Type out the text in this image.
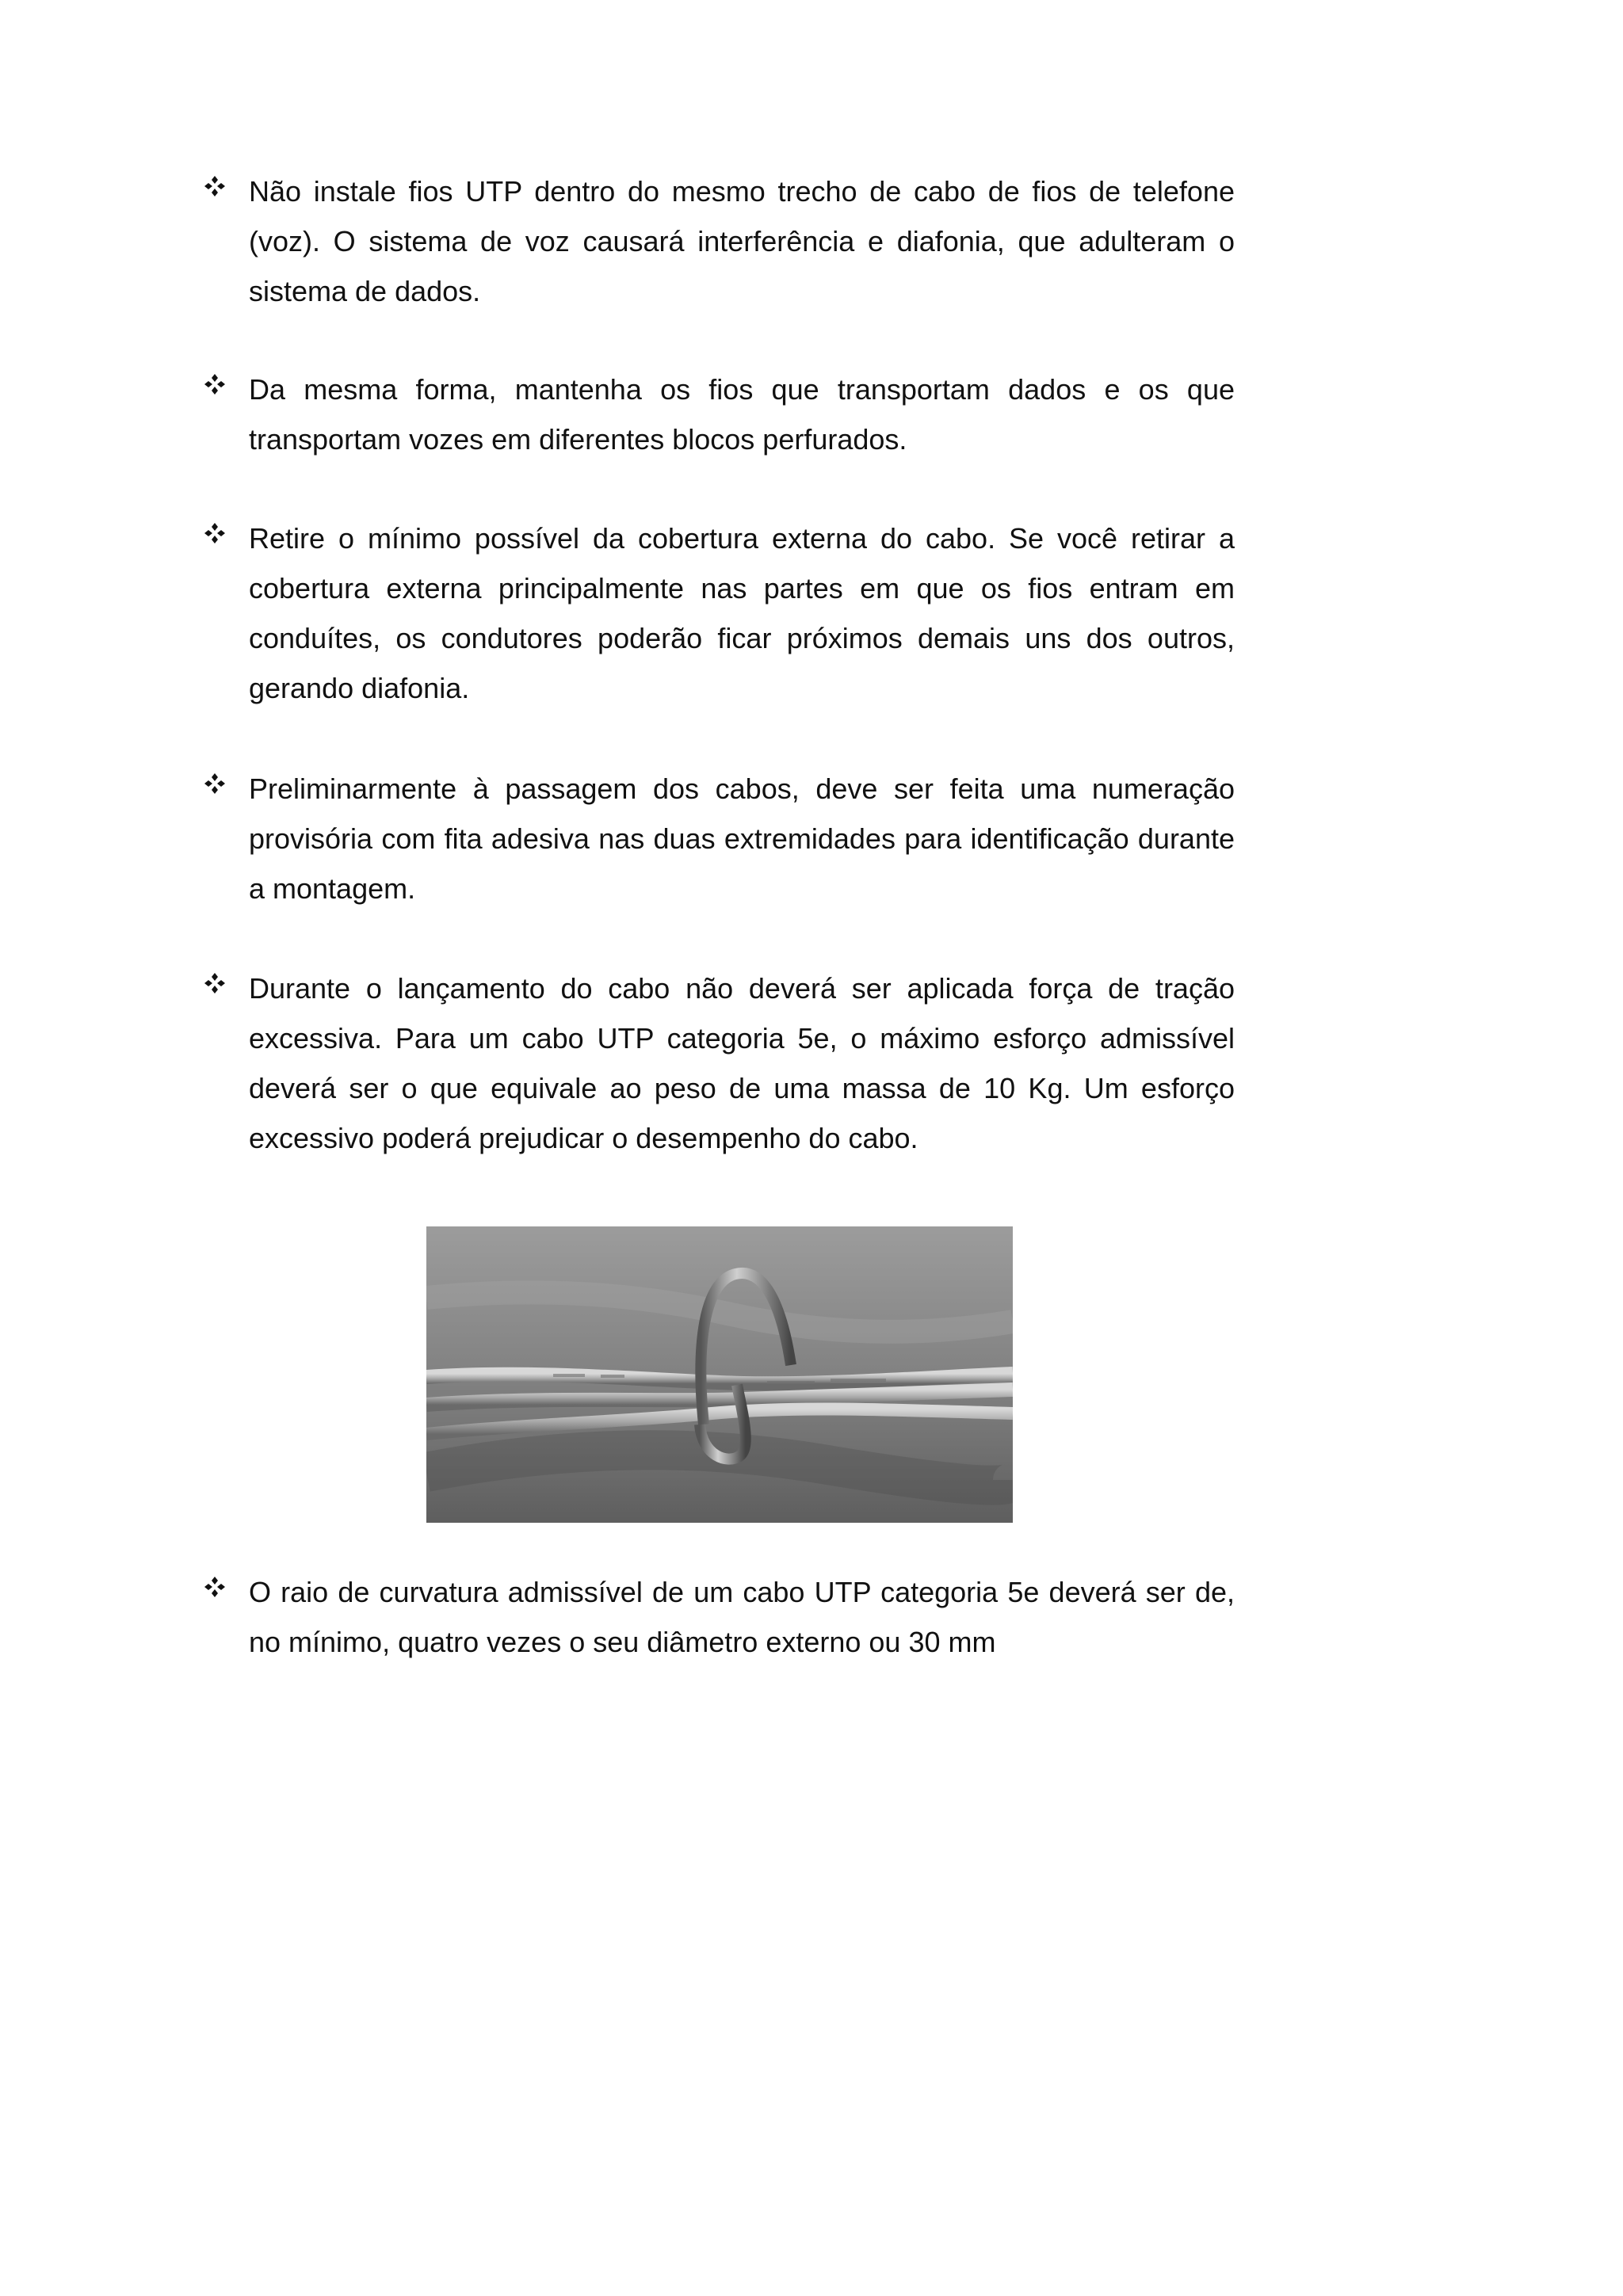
Não instale fios UTP dentro do mesmo trecho de cabo de fios de telefone (voz). O sistema de voz causará interferência e diafonia, que adulteram o sistema de dados.

Da mesma forma, mantenha os fios que transportam dados e os que transportam vozes em diferentes blocos perfurados.

Retire o mínimo possível da cobertura externa do cabo. Se você retirar a cobertura externa principalmente nas partes em que os fios entram em conduítes, os condutores poderão ficar próximos demais uns dos outros, gerando diafonia.

Preliminarmente à passagem dos cabos, deve ser feita uma numeração provisória com fita adesiva nas duas extremidades para identificação durante a montagem.

Durante o lançamento do cabo não deverá ser aplicada força de tração excessiva. Para um cabo UTP categoria 5e, o máximo esforço admissível deverá ser o que equivale ao peso de uma massa de 10 Kg. Um esforço excessivo poderá prejudicar o desempenho do cabo.

O raio de curvatura admissível de um cabo UTP categoria 5e deverá ser de, no mínimo, quatro vezes o seu diâmetro externo ou 30 mm
